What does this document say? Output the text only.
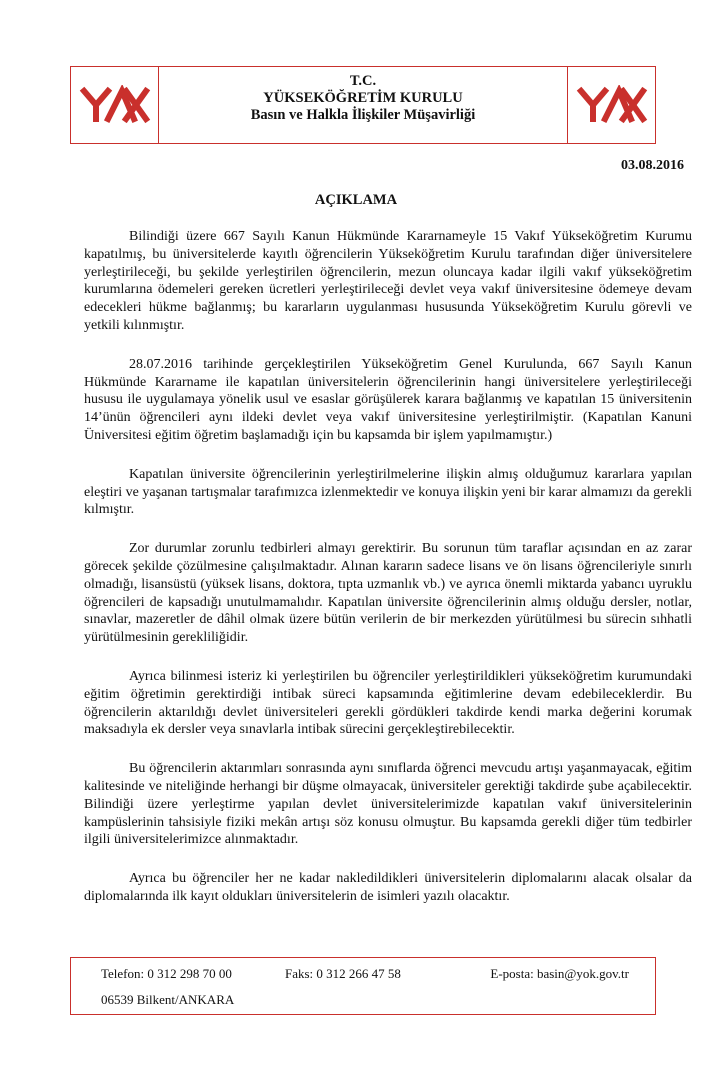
T.C.
YÜKSEKÖĞRETİM KURULU
Basın ve Halkla İlişkiler Müşavirliği
03.08.2016
AÇIKLAMA

Bilindiği üzere 667 Sayılı Kanun Hükmünde Kararnameyle 15 Vakıf Yükseköğretim Kurumu kapatılmış, bu üniversitelerde kayıtlı öğrencilerin Yükseköğretim Kurulu tarafından diğer üniversitelere yerleştirileceği, bu şekilde yerleştirilen öğrencilerin, mezun oluncaya kadar ilgili vakıf yükseköğretim kurumlarına ödemeleri gereken ücretleri yerleştirileceği devlet veya vakıf üniversitesine ödemeye devam edecekleri hükme bağlanmış; bu kararların uygulanması hususunda Yükseköğretim Kurulu görevli ve yetkili kılınmıştır.

28.07.2016 tarihinde gerçekleştirilen Yükseköğretim Genel Kurulunda, 667 Sayılı Kanun Hükmünde Kararname ile kapatılan üniversitelerin öğrencilerinin hangi üniversitelere yerleştirileceği hususu ile uygulamaya yönelik usul ve esaslar görüşülerek karara bağlanmış ve kapatılan 15 üniversitenin 14’ünün öğrencileri aynı ildeki devlet veya vakıf üniversitesine yerleştirilmiştir. (Kapatılan Kanuni Üniversitesi eğitim öğretim başlamadığı için bu kapsamda bir işlem yapılmamıştır.)

Kapatılan üniversite öğrencilerinin yerleştirilmelerine ilişkin almış olduğumuz kararlara yapılan eleştiri ve yaşanan tartışmalar tarafımızca izlenmektedir ve konuya ilişkin yeni bir karar almamızı da gerekli kılmıştır.

Zor durumlar zorunlu tedbirleri almayı gerektirir. Bu sorunun tüm taraflar açısından en az zarar görecek şekilde çözülmesine çalışılmaktadır. Alınan kararın sadece lisans ve ön lisans öğrencileriyle sınırlı olmadığı, lisansüstü (yüksek lisans, doktora, tıpta uzmanlık vb.) ve ayrıca önemli miktarda yabancı uyruklu öğrencileri de kapsadığı unutulmamalıdır. Kapatılan üniversite öğrencilerinin almış olduğu dersler, notlar, sınavlar, mazeretler de dâhil olmak üzere bütün verilerin de bir merkezden yürütülmesi bu sürecin sıhhatli yürütülmesinin gerekliliğidir.

Ayrıca bilinmesi isteriz ki yerleştirilen bu öğrenciler yerleştirildikleri yükseköğretim kurumundaki eğitim öğretimin gerektirdiği intibak süreci kapsamında eğitimlerine devam edebileceklerdir. Bu öğrencilerin aktarıldığı devlet üniversiteleri gerekli gördükleri takdirde kendi marka değerini korumak maksadıyla ek dersler veya sınavlarla intibak sürecini gerçekleştirebilecektir.

Bu öğrencilerin aktarımları sonrasında aynı sınıflarda öğrenci mevcudu artışı yaşanmayacak, eğitim kalitesinde ve niteliğinde herhangi bir düşme olmayacak, üniversiteler gerektiği takdirde şube açabilecektir. Bilindiği üzere yerleştirme yapılan devlet üniversitelerimizde kapatılan vakıf üniversitelerinin kampüslerinin tahsisiyle fiziki mekân artışı söz konusu olmuştur. Bu kapsamda gerekli diğer tüm tedbirler ilgili üniversitelerimizce alınmaktadır.

Ayrıca bu öğrenciler her ne kadar nakledildikleri üniversitelerin diplomalarını alacak olsalar da diplomalarında ilk kayıt oldukları üniversitelerin de isimleri yazılı olacaktır.

Telefon: 0 312 298 70 00	Faks: 0 312 266 47 58	E-posta: basin@yok.gov.tr
06539 Bilkent/ANKARA
